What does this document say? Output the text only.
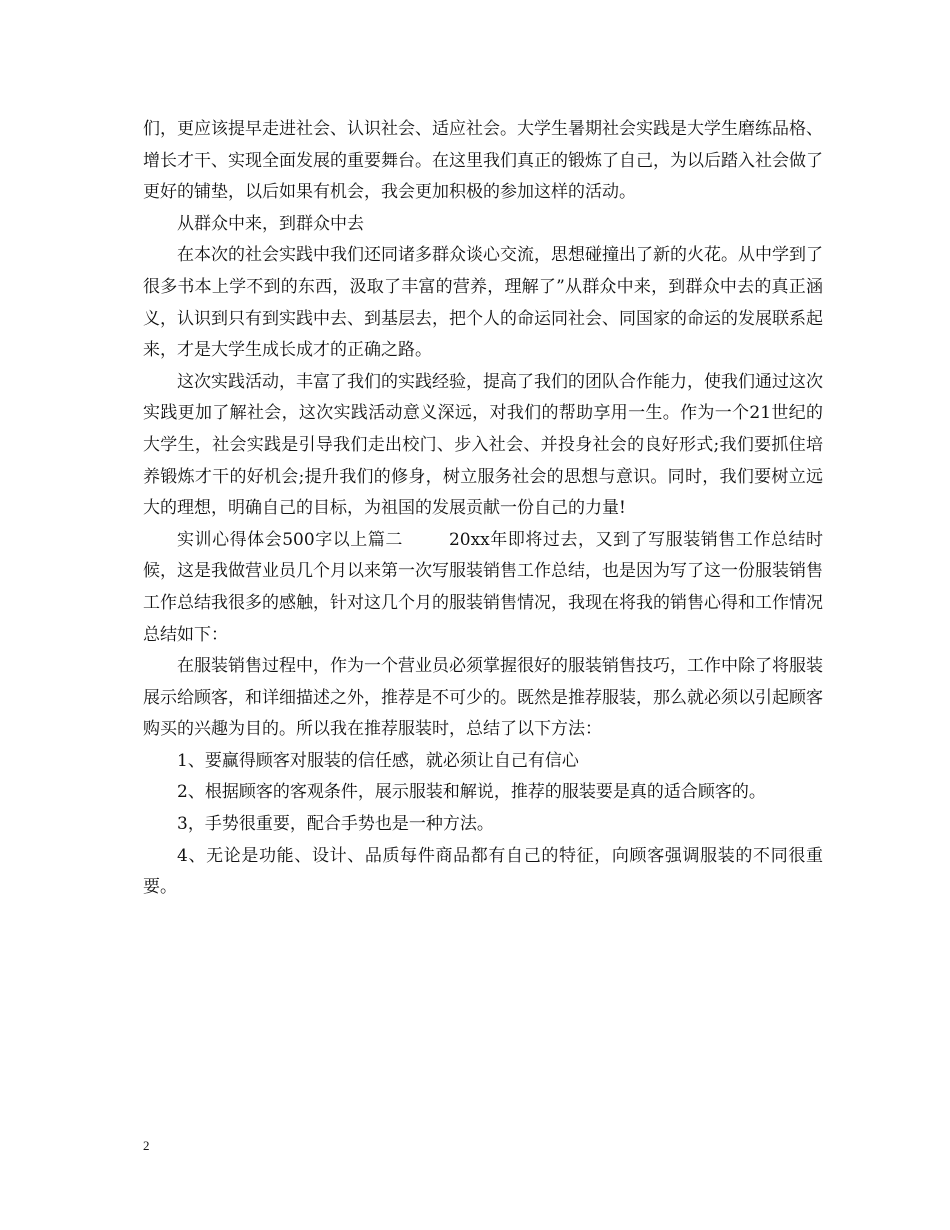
们，更应该提早走进社会、认识社会、适应社会。大学生暑期社会实践是大学生磨练品格、增长才干、实现全面发展的重要舞台。在这里我们真正的锻炼了自己，为以后踏入社会做了更好的铺垫，以后如果有机会，我会更加积极的参加这样的活动。

从群众中来，到群众中去

在本次的社会实践中我们还同诸多群众谈心交流，思想碰撞出了新的火花。从中学到了很多书本上学不到的东西，汲取了丰富的营养，理解了”从群众中来，到群众中去的真正涵义，认识到只有到实践中去、到基层去，把个人的命运同社会、同国家的命运的发展联系起来，才是大学生成长成才的正确之路。

这次实践活动，丰富了我们的实践经验，提高了我们的团队合作能力，使我们通过这次实践更加了解社会，这次实践活动意义深远，对我们的帮助享用一生。作为一个21世纪的大学生，社会实践是引导我们走出校门、步入社会、并投身社会的良好形式;我们要抓住培养锻炼才干的好机会;提升我们的修身，树立服务社会的思想与意识。同时，我们要树立远大的理想，明确自己的目标，为祖国的发展贡献一份自己的力量!

实训心得体会500字以上篇二	20xx年即将过去，又到了写服装销售工作总结时候，这是我做营业员几个月以来第一次写服装销售工作总结，也是因为写了这一份服装销售工作总结我很多的感触，针对这几个月的服装销售情况，我现在将我的销售心得和工作情况总结如下：

在服装销售过程中，作为一个营业员必须掌握很好的服装销售技巧，工作中除了将服装展示给顾客，和详细描述之外，推荐是不可少的。既然是推荐服装，那么就必须以引起顾客购买的兴趣为目的。所以我在推荐服装时，总结了以下方法：

1、要赢得顾客对服装的信任感，就必须让自己有信心

2、根据顾客的客观条件，展示服装和解说，推荐的服装要是真的适合顾客的。

3，手势很重要，配合手势也是一种方法。

4、无论是功能、设计、品质每件商品都有自己的特征，向顾客强调服装的不同很重要。

2
